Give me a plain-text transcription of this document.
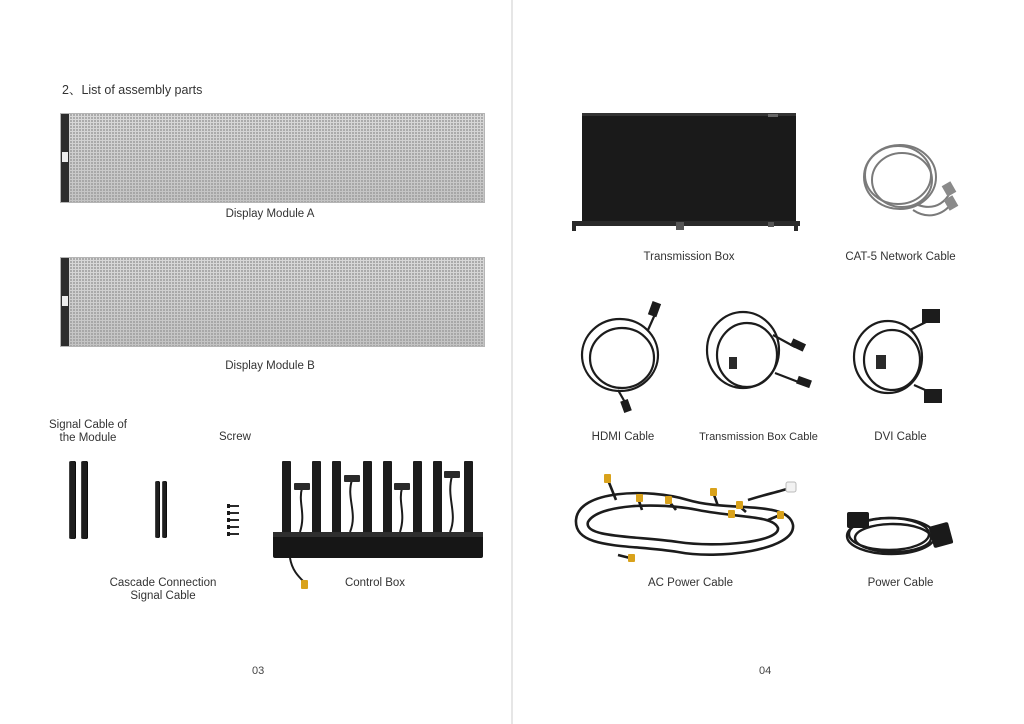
2、List of assembly parts
Display Module A
Display Module B
Signal Cable of
the Module
Cascade Connection
Signal Cable
Screw
Control Box
03
Transmission Box	CAT-5 Network Cable
HDMI Cable	Transmission Box Cable	DVI Cable
AC Power Cable	Power Cable
04
